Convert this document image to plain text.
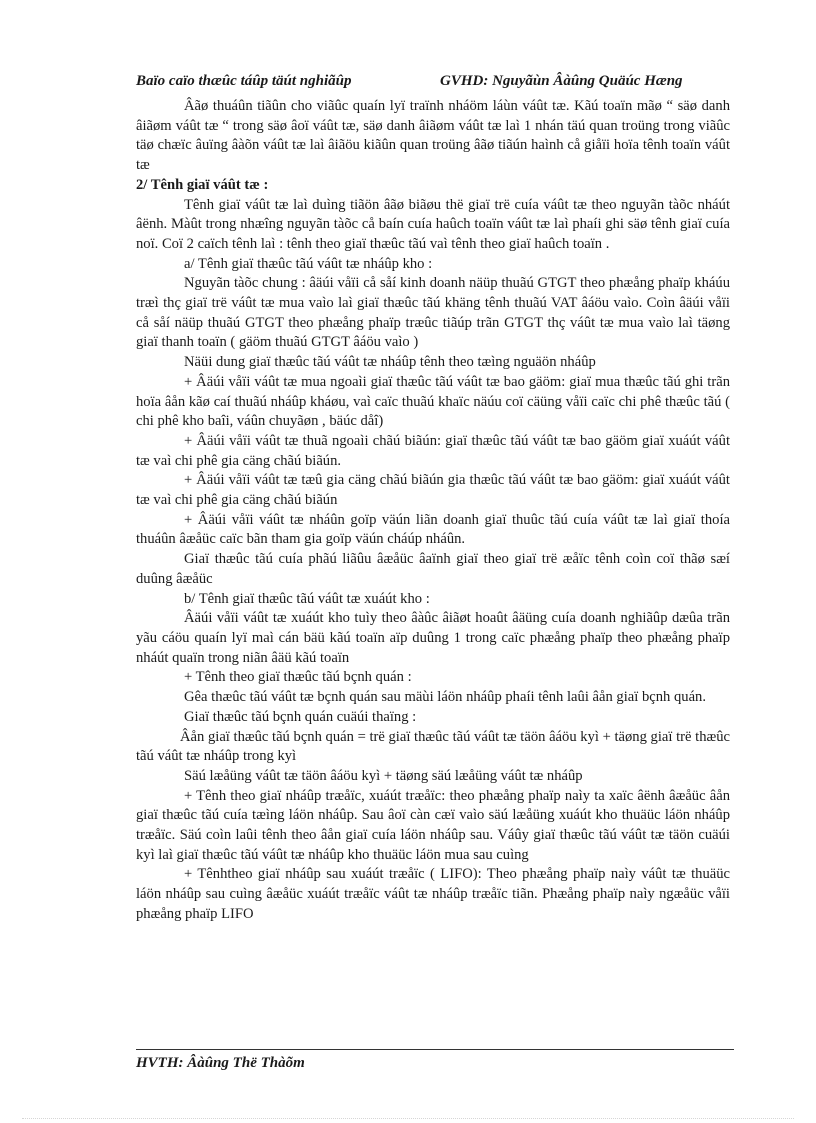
Baïo caïo thæûc táûp täút nghiãûp	GVHD: Nguyãùn Âàûng Quäúc Hæng

Âãø thuáûn tiãûn cho viãûc quaín lyï traïnh nháöm láùn váût tæ. Kãú toaïn mãø “ säø danh âiãøm váût tæ “ trong säø âoï váût tæ, säø danh âiãøm váût tæ laì 1 nhán täú quan troüng trong viãûc täø chæïc âuïng âàõn váût tæ laì âiãöu kiãûn quan troüng âãø tiãún haình cå giåïi hoïa tênh toaïn váût tæ

2/ Tênh giaï váût tæ :

Tênh giaï váût tæ laì duìng tiãön âãø biãøu thë giaï trë cuía váût tæ theo nguyãn tàõc nháút âënh. Màût trong nhæîng nguyãn tàõc cå baín cuía haûch toaïn váût tæ laì phaíi ghi säø tênh giaï cuía noï. Coï 2 caïch tênh laì : tênh theo giaï thæûc tãú vaì tênh theo giaï haûch toaïn .

a/ Tênh giaï thæûc tãú váût tæ nháûp kho :

Nguyãn tàõc chung : âäúi våïi cå såí kinh doanh näüp thuãú GTGT theo phæång phaïp kháúu træì thç giaï trë váût tæ mua vaìo laì giaï thæûc tãú khäng tênh thuãú VAT âáöu vaìo. Coìn âäúi våïi cå såí näüp thuãú GTGT theo phæång phaïp træûc tiãúp trãn GTGT thç váût tæ mua vaìo laì täøng giaï thanh toaïn ( gäöm thuãú GTGT âáöu vaìo )

Näüi dung giaï thæûc tãú váût tæ nháûp tênh theo tæìng nguäön nháûp

+ Âäúi våïi váût tæ mua ngoaìi giaï thæûc tãú váût tæ bao gäöm: giaï mua thæûc tãú ghi trãn hoïa âån kãø caí thuãú nháûp kháøu, vaì caïc thuãú khaïc näúu coï cäüng våïi caïc chi phê thæûc tãú ( chi phê kho baîi, váûn chuyãøn , bäúc dåî)

+ Âäúi våïi váût tæ thuã ngoaìi chãú biãún: giaï thæûc tãú váût tæ bao gäöm giaï xuáút váût tæ vaì chi phê gia cäng chãú biãún.

+ Âäúi våïi váût tæ tæû gia cäng chãú biãún gia thæûc tãú váût tæ bao gäöm: giaï xuáút váût tæ vaì chi phê gia cäng chãú biãún

+ Âäúi våïi váût tæ nháûn goïp väún liãn doanh giaï thuûc tãú cuía váût tæ laì giaï thoía thuáûn âæåüc caïc bãn tham gia goïp väún cháúp nháûn.

Giaï thæûc tãú cuía phãú liãûu âæåüc âaïnh giaï theo giaï trë æåïc tênh coìn coï thãø sæí duûng âæåüc

b/ Tênh giaï thæûc tãú váût tæ xuáút kho :

Âäúi våïi váût tæ xuáút kho tuìy theo âàûc âiãøt hoaût âäüng cuía doanh nghiãûp dæûa trãn yãu cáöu quaín lyï maì cán bäü kãú toaïn aïp duûng 1 trong caïc phæång phaïp theo phæång phaïp nháút quaïn trong niãn âäü kãú toaïn

+ Tênh theo giaï thæûc tãú bçnh quán :

Gêa thæûc tãú váût tæ bçnh quán sau mäùi láön nháûp phaíi tênh laûi âån giaï bçnh quán.

Giaï thæûc tãú bçnh quán cuäúi thaïng :

Âån giaï thæûc tãú bçnh quán = trë giaï thæûc tãú váût tæ täön âáöu kyì + täøng giaï trë thæûc tãú váût tæ nháûp trong kyì

Säú læåüng váût tæ täön âáöu kyì + täøng säú læåüng váût tæ nháûp

+ Tênh theo giaï nháûp træåïc, xuáút træåïc: theo phæång phaïp naìy ta xaïc âënh âæåüc âån giaï thæûc tãú cuía tæìng láön nháûp. Sau âoï càn cæï vaìo säú læåüng xuáút kho thuäüc láön nháûp træåïc. Säú coìn laûi tênh theo âån giaï cuía láön nháûp sau. Váûy giaï thæûc tãú váût tæ täön cuäúi kyì laì giaï thæûc tãú váût tæ nháûp kho thuäüc láön mua sau cuìng

+ Tênhtheo giaï nháûp sau xuáút træåïc ( LIFO): Theo phæång phaïp naìy váût tæ thuäüc láön nháûp sau cuìng âæåüc xuáút træåïc váût tæ nháûp træåïc tiãn. Phæång phaïp naìy ngæåüc våïi phæång phaïp LIFO

HVTH: Âàûng Thë Thàõm
